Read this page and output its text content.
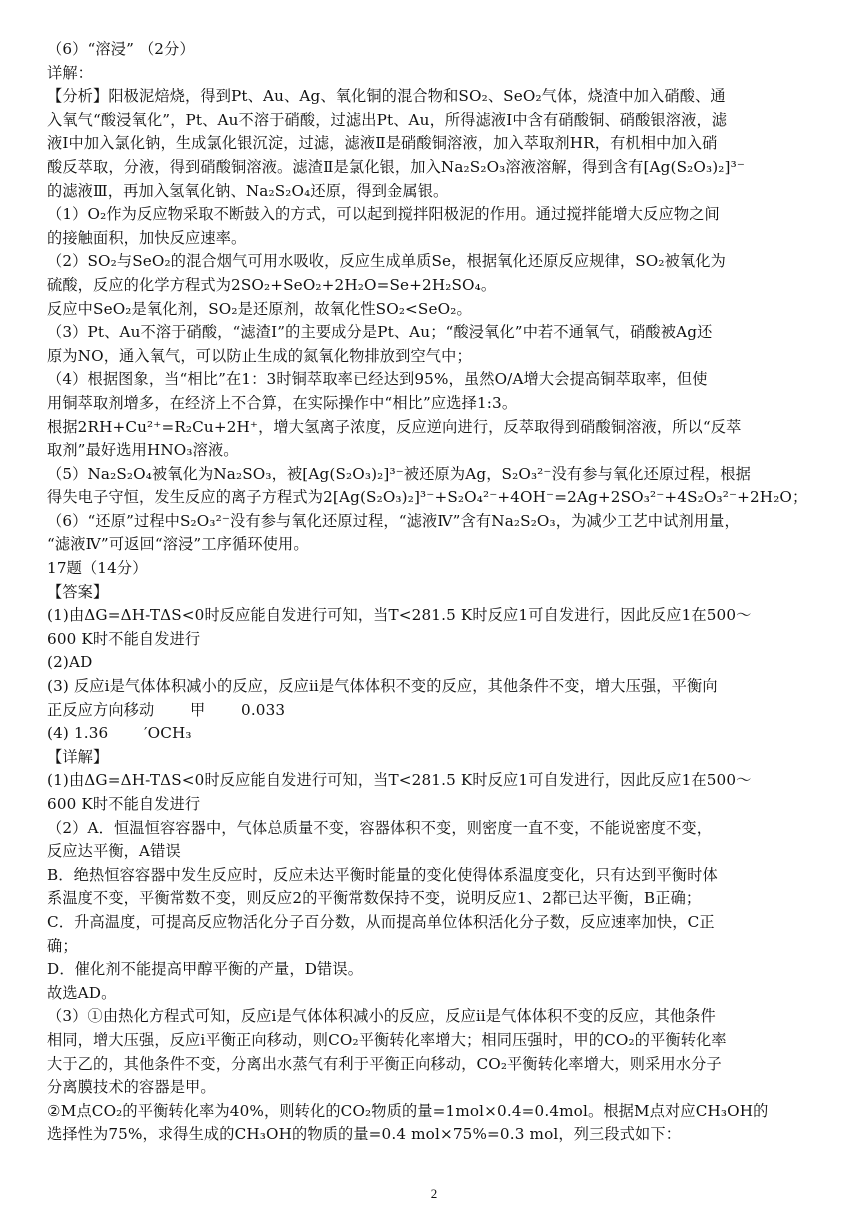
（6）“溶浸” （2分）
详解：
【分析】阳极泥焙烧，得到Pt、Au、Ag、氧化铜的混合物和SO₂、SeO₂气体，烧渣中加入硝酸、通
入氧气“酸浸氧化”，Pt、Au不溶于硝酸，过滤出Pt、Au，所得滤液Ⅰ中含有硝酸铜、硝酸银溶液，滤
液Ⅰ中加入氯化钠，生成氯化银沉淀，过滤，滤液Ⅱ是硝酸铜溶液，加入萃取剂HR，有机相中加入硝
酸反萃取，分液，得到硝酸铜溶液。滤渣Ⅱ是氯化银，加入Na₂S₂O₃溶液溶解，得到含有[Ag(S₂O₃)₂]³⁻
的滤液Ⅲ，再加入氢氧化钠、Na₂S₂O₄还原，得到金属银。
（1）O₂作为反应物采取不断鼓入的方式，可以起到搅拌阳极泥的作用。通过搅拌能增大反应物之间
的接触面积，加快反应速率。
（2）SO₂与SeO₂的混合烟气可用水吸收，反应生成单质Se，根据氧化还原反应规律，SO₂被氧化为
硫酸，反应的化学方程式为2SO₂+SeO₂+2H₂O=Se+2H₂SO₄。
反应中SeO₂是氧化剂，SO₂是还原剂，故氧化性SO₂<SeO₂。
（3）Pt、Au不溶于硝酸，“滤渣Ⅰ”的主要成分是Pt、Au；“酸浸氧化”中若不通氧气，硝酸被Ag还
原为NO，通入氧气，可以防止生成的氮氧化物排放到空气中；
（4）根据图象，当“相比”在1：3时铜萃取率已经达到95%，虽然O/A增大会提高铜萃取率，但使
用铜萃取剂增多，在经济上不合算，在实际操作中“相比”应选择1:3。
根据2RH+Cu²⁺=R₂Cu+2H⁺，增大氢离子浓度，反应逆向进行，反萃取得到硝酸铜溶液，所以“反萃
取剂”最好选用HNO₃溶液。
（5）Na₂S₂O₄被氧化为Na₂SO₃，被[Ag(S₂O₃)₂]³⁻被还原为Ag，S₂O₃²⁻没有参与氧化还原过程，根据
得失电子守恒，发生反应的离子方程式为2[Ag(S₂O₃)₂]³⁻+S₂O₄²⁻+4OH⁻=2Ag+2SO₃²⁻+4S₂O₃²⁻+2H₂O；
（6）“还原”过程中S₂O₃²⁻没有参与氧化还原过程，“滤液Ⅳ”含有Na₂S₂O₃，为减少工艺中试剂用量，
“滤液Ⅳ”可返回“溶浸”工序循环使用。
17题（14分）
【答案】
(1)由ΔG=ΔH-TΔS<0时反应能自发进行可知，当T<281.5 K时反应1可自发进行，因此反应1在500～
600 K时不能自发进行
(2)AD
(3) 反应ⅰ是气体体积减小的反应，反应ⅱ是气体体积不变的反应，其他条件不变，增大压强，平衡向
正反应方向移动 　　甲 　　0.033
(4) 1.36 　　′OCH₃
【详解】
(1)由ΔG=ΔH-TΔS<0时反应能自发进行可知，当T<281.5 K时反应1可自发进行，因此反应1在500～
600 K时不能自发进行
（2）A．恒温恒容容器中，气体总质量不变，容器体积不变，则密度一直不变，不能说密度不变，
反应达平衡，A错误
B．绝热恒容容器中发生反应时，反应未达平衡时能量的变化使得体系温度变化，只有达到平衡时体
系温度不变，平衡常数不变，则反应2的平衡常数保持不变，说明反应1、2都已达平衡，B正确；
C．升高温度，可提高反应物活化分子百分数，从而提高单位体积活化分子数，反应速率加快，C正
确；
D．催化剂不能提高甲醇平衡的产量，D错误。
故选AD。
（3）①由热化方程式可知，反应ⅰ是气体体积减小的反应，反应ⅱ是气体体积不变的反应，其他条件
相同，增大压强，反应ⅰ平衡正向移动，则CO₂平衡转化率增大；相同压强时，甲的CO₂的平衡转化率
大于乙的，其他条件不变，分离出水蒸气有利于平衡正向移动，CO₂平衡转化率增大，则采用水分子
分离膜技术的容器是甲。
②M点CO₂的平衡转化率为40%，则转化的CO₂物质的量=1mol×0.4=0.4mol。根据M点对应CH₃OH的
选择性为75%，求得生成的CH₃OH的物质的量=0.4 mol×75%=0.3 mol，列三段式如下：
2
